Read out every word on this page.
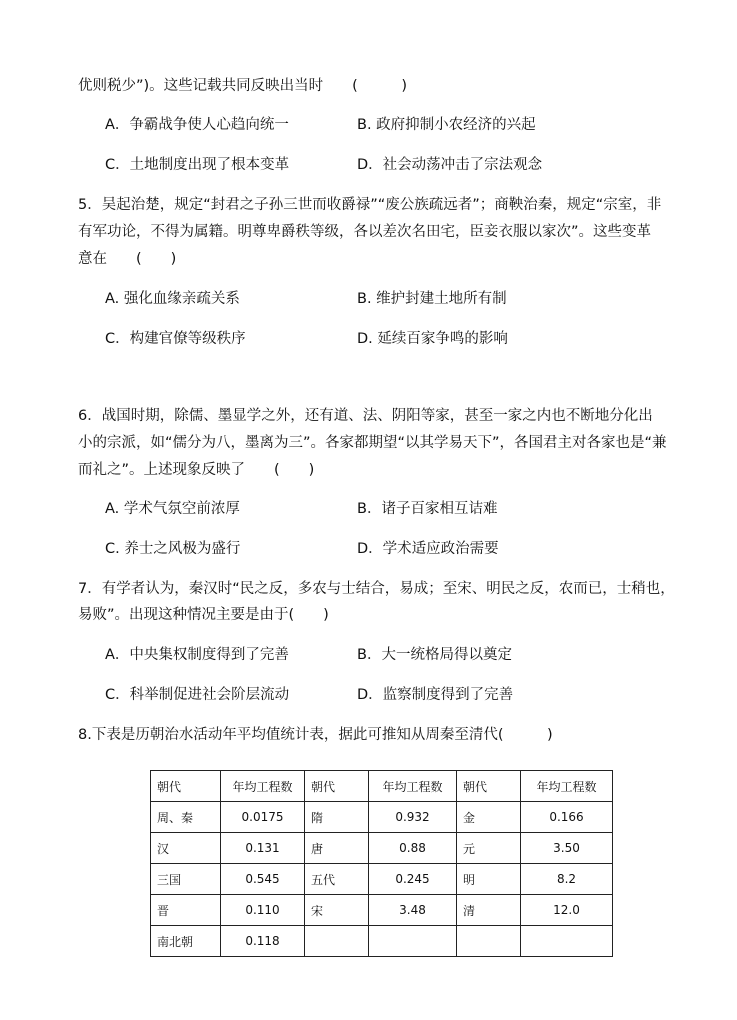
优则税少”)。这些记载共同反映出当时　　(　　　)
A．争霸战争使人心趋向统一	B. 政府抑制小农经济的兴起
C．土地制度出现了根本变革	D．社会动荡冲击了宗法观念
5．吴起治楚，规定“封君之子孙三世而收爵禄”“废公族疏远者”；商鞅治秦，规定“宗室，非
有军功论，不得为属籍。明尊卑爵秩等级，各以差次名田宅，臣妾衣服以家次”。这些变革
意在　　(　　)
A. 强化血缘亲疏关系	B. 维护封建土地所有制
C．构建官僚等级秩序	D. 延续百家争鸣的影响
6．战国时期，除儒、墨显学之外，还有道、法、阴阳等家，甚至一家之内也不断地分化出
小的宗派，如“儒分为八，墨离为三”。各家都期望“以其学易天下”，各国君主对各家也是“兼
而礼之”。上述现象反映了　　(　　)
A. 学术气氛空前浓厚	B．诸子百家相互诘难
C. 养士之风极为盛行	D．学术适应政治需要
7．有学者认为，秦汉时“民之反，多农与士结合，易成；至宋、明民之反，农而已，士稍也，
易败”。出现这种情况主要是由于(　　)
A．中央集权制度得到了完善	B．大一统格局得以奠定
C．科举制促进社会阶层流动	D．监察制度得到了完善
8.下表是历朝治水活动年平均值统计表，据此可推知从周秦至清代(　　　)
朝代	年均工程数	朝代	年均工程数	朝代	年均工程数
周、秦	0.0175	隋	0.932	金	0.166
汉	0.131	唐	0.88	元	3.50
三国	0.545	五代	0.245	明	8.2
晋	0.110	宋	3.48	清	12.0
南北朝	0.118				
